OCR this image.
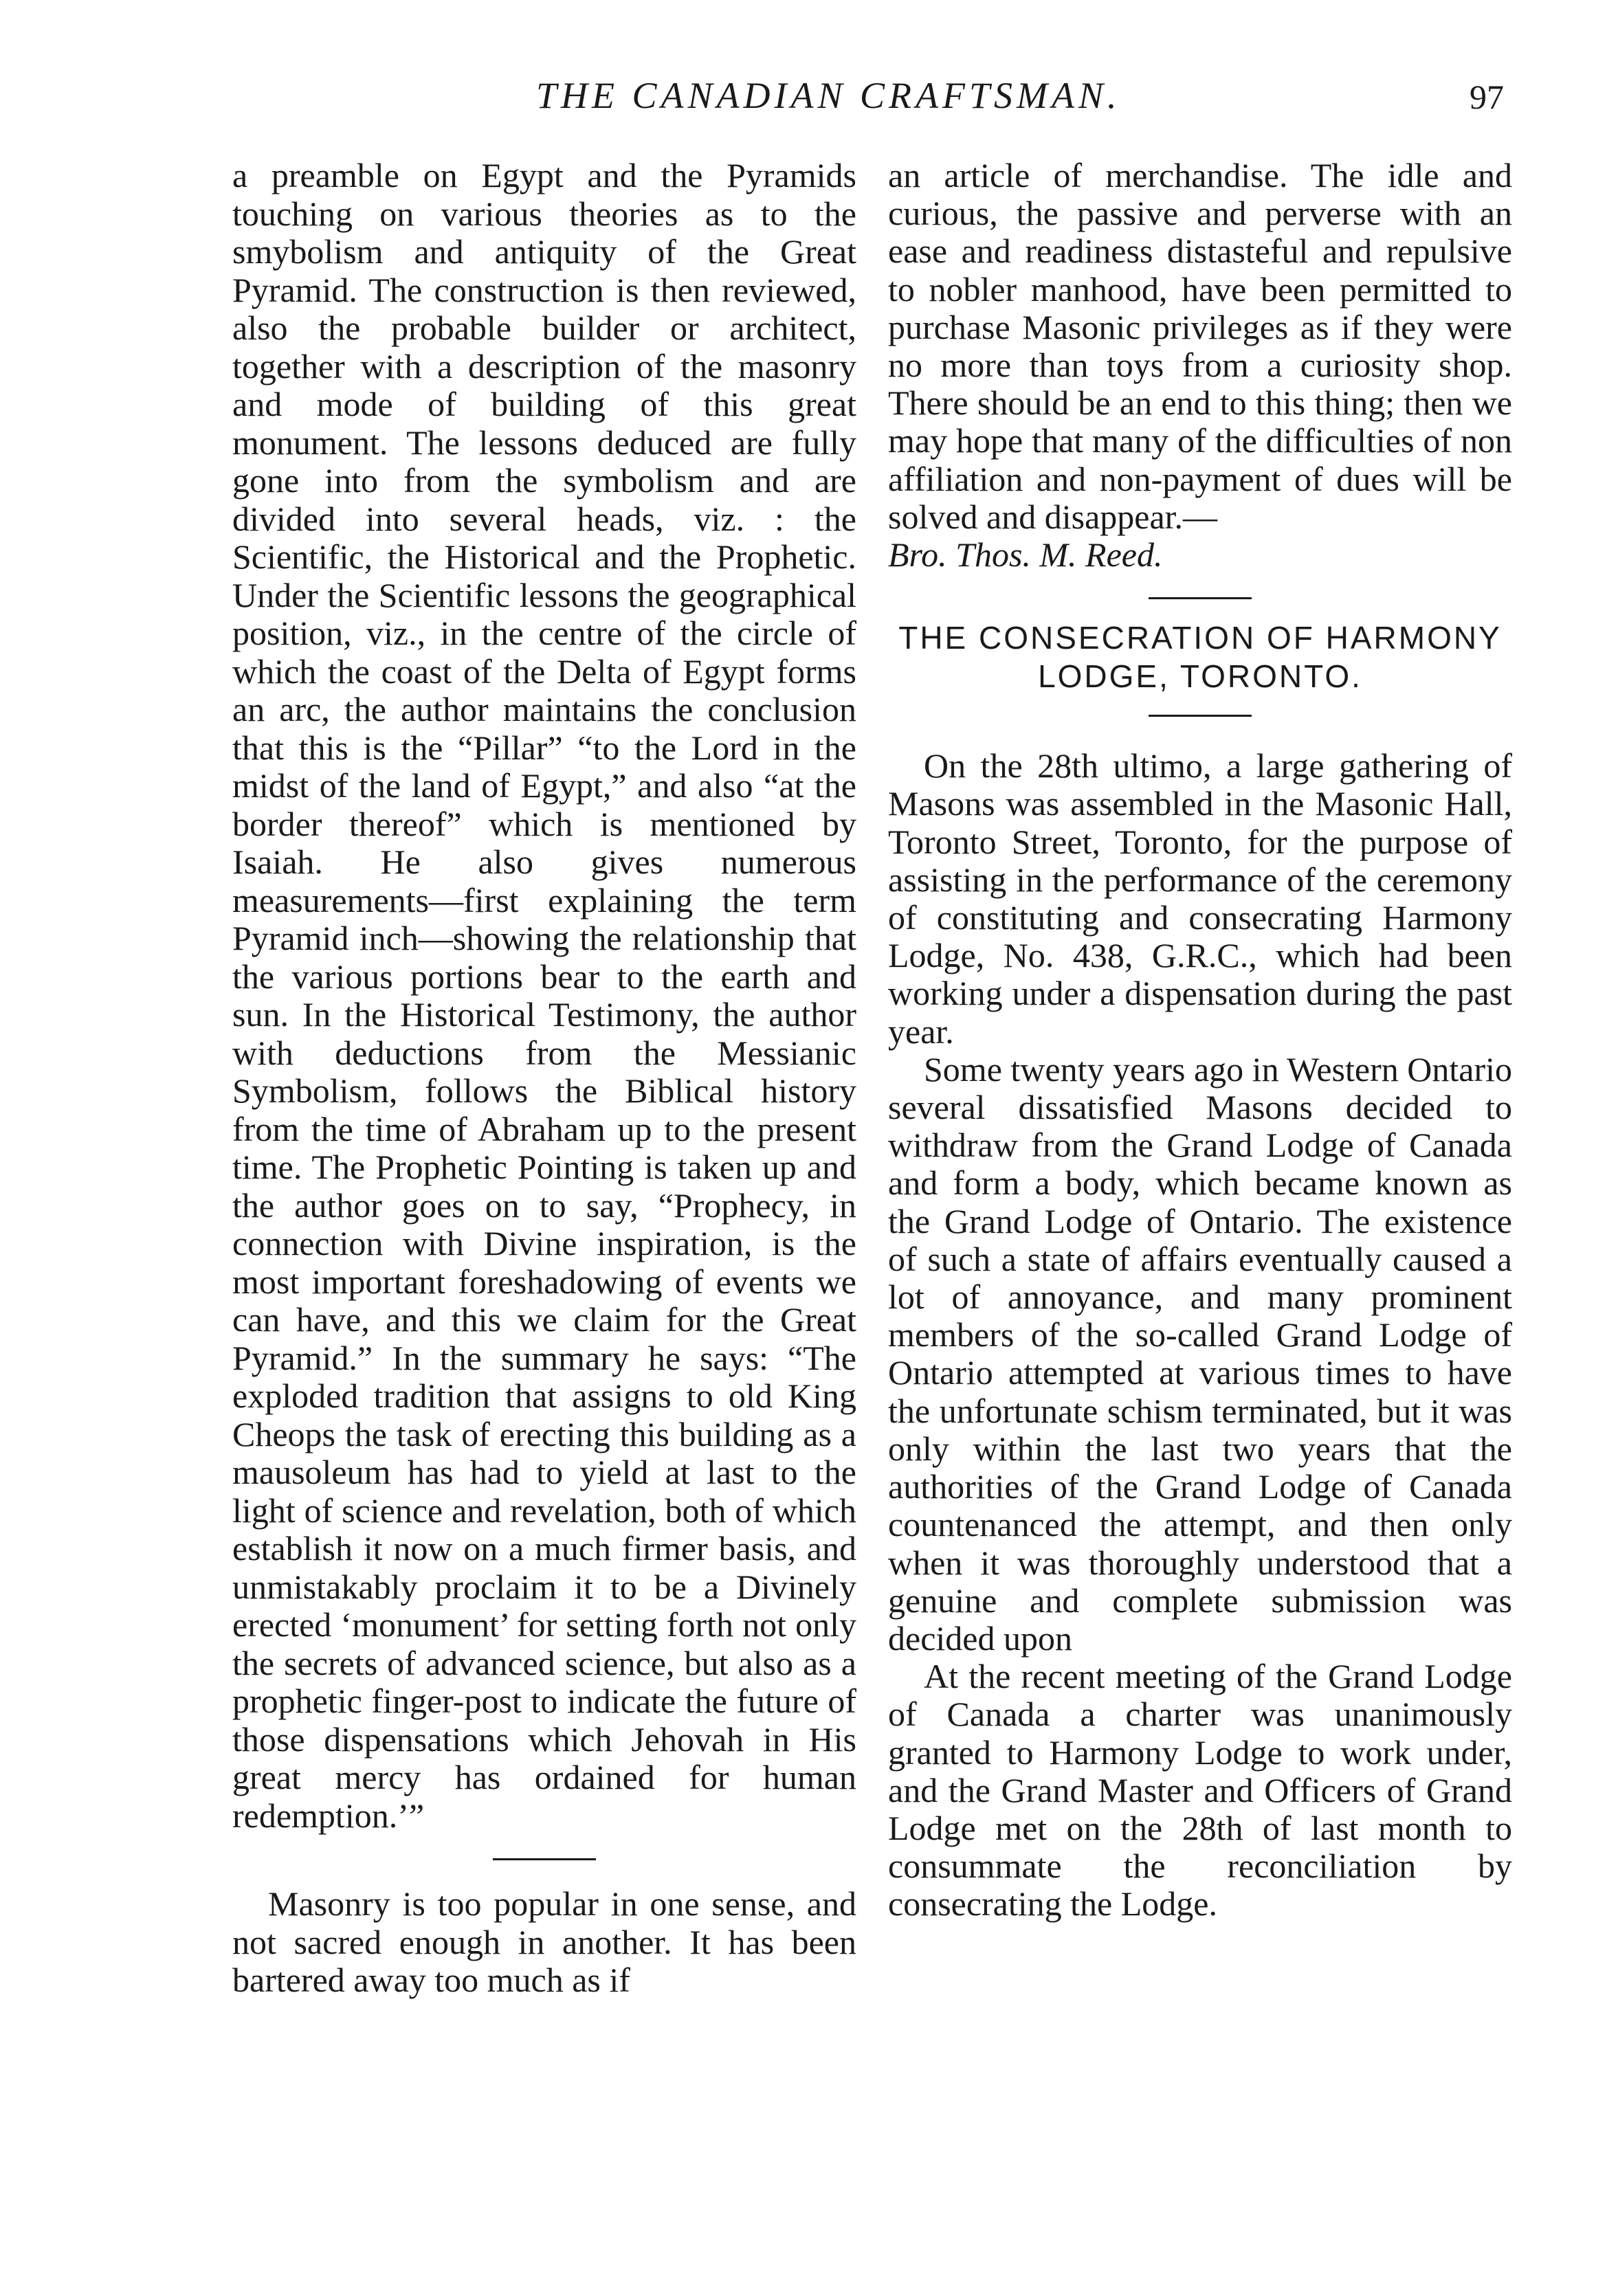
THE CANADIAN CRAFTSMAN.	97

a preamble on Egypt and the Pyramids touching on various theories as to the smybolism and antiquity of the Great Pyramid. The construction is then reviewed, also the probable builder or architect, together with a description of the masonry and mode of building of this great monument. The lessons deduced are fully gone into from the symbolism and are divided into several heads, viz. : the Scientific, the Historical and the Prophetic. Under the Scientific lessons the geographical position, viz., in the centre of the circle of which the coast of the Delta of Egypt forms an arc, the author maintains the conclusion that this is the “Pillar” “to the Lord in the midst of the land of Egypt,” and also “at the border thereof” which is mentioned by Isaiah. He also gives numerous measurements—first explaining the term Pyramid inch—showing the relationship that the various portions bear to the earth and sun. In the Historical Testimony, the author with deductions from the Messianic Symbolism, follows the Biblical history from the time of Abraham up to the present time. The Prophetic Pointing is taken up and the author goes on to say, “Prophecy, in connection with Divine inspiration, is the most important foreshadowing of events we can have, and this we claim for the Great Pyramid.” In the summary he says: “The exploded tradition that assigns to old King Cheops the task of erecting this building as a mausoleum has had to yield at last to the light of science and revelation, both of which establish it now on a much firmer basis, and unmistakably proclaim it to be a Divinely erected ‘monument’ for setting forth not only the secrets of advanced science, but also as a prophetic finger-post to indicate the future of those dispensations which Jehovah in His great mercy has ordained for human redemption.’”

Masonry is too popular in one sense, and not sacred enough in another. It has been bartered away too much as if

an article of merchandise. The idle and curious, the passive and perverse with an ease and readiness distasteful and repulsive to nobler manhood, have been permitted to purchase Masonic privileges as if they were no more than toys from a curiosity shop. There should be an end to this thing; then we may hope that many of the difficulties of non affiliation and non-payment of dues will be solved and disappear.—
Bro. Thos. M. Reed.

THE CONSECRATION OF HARMONY LODGE, TORONTO.

On the 28th ultimo, a large gathering of Masons was assembled in the Masonic Hall, Toronto Street, Toronto, for the purpose of assisting in the performance of the ceremony of constituting and consecrating Harmony Lodge, No. 438, G.R.C., which had been working under a dispensation during the past year.

Some twenty years ago in Western Ontario several dissatisfied Masons decided to withdraw from the Grand Lodge of Canada and form a body, which became known as the Grand Lodge of Ontario. The existence of such a state of affairs eventually caused a lot of annoyance, and many prominent members of the so-called Grand Lodge of Ontario attempted at various times to have the unfortunate schism terminated, but it was only within the last two years that the authorities of the Grand Lodge of Canada countenanced the attempt, and then only when it was thoroughly understood that a genuine and complete submission was decided upon

At the recent meeting of the Grand Lodge of Canada a charter was unanimously granted to Harmony Lodge to work under, and the Grand Master and Officers of Grand Lodge met on the 28th of last month to consummate the reconciliation by consecrating the Lodge.
